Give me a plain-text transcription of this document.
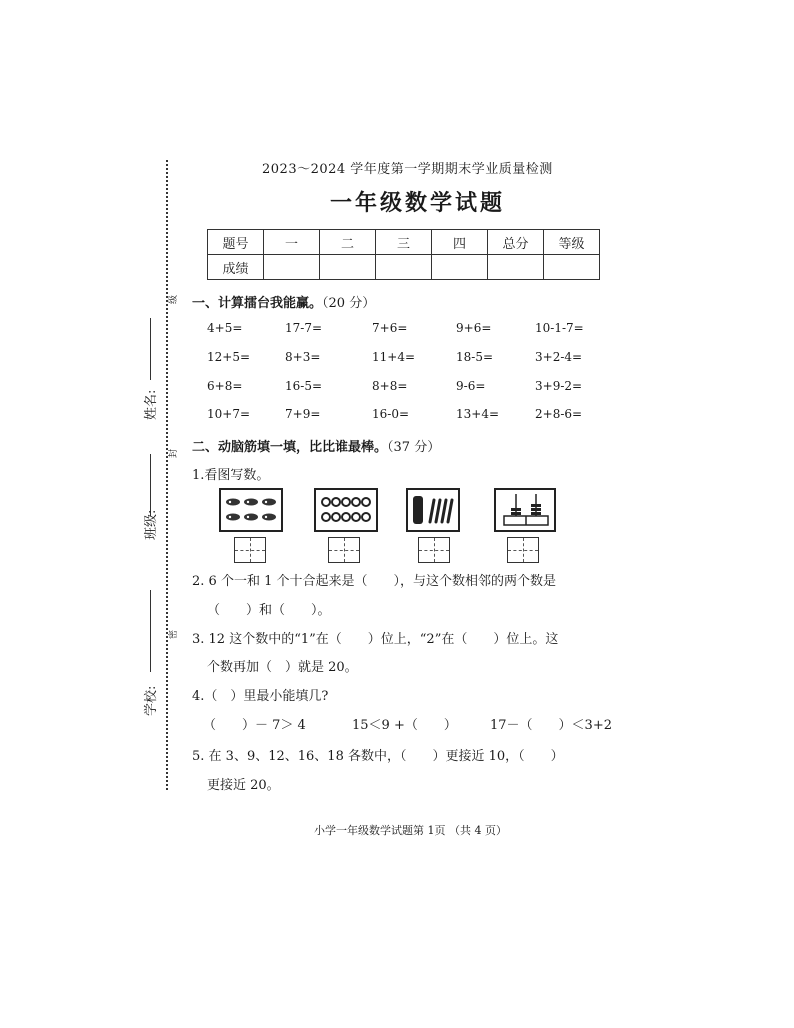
级
封
密
姓名:
班级:
学校:
2023～2024 学年度第一学期期末学业质量检测
一年级数学试题
题号	一	二	三	四	总分	等级
成绩						
一、计算擂台我能赢。（20 分）
4+5=	17-7=	7+6=	9+6=	10-1-7=
12+5=	8+3=	11+4=	18-5=	3+2-4=
6+8=	16-5=	8+8=	9-6=	3+9-2=
10+7=	7+9=	16-0=	13+4=	2+8-6=
二、动脑筋填一填，比比谁最棒。（37 分）
1.看图写数。
2. 6 个一和 1 个十合起来是（　　），与这个数相邻的两个数是
（　　）和（　　）。
3. 12 这个数中的“1”在（　　）位上，“2”在（　　）位上。这
个数再加（　）就是 20。
4.（　）里最小能填几?
（　　）－ 7＞ 4	15＜9 +（　　）	17－（　　）＜3+2
5. 在 3、9、12、16、18 各数中，（　　）更接近 10，（　　）
更接近 20。
小学一年级数学试题第 1页 （共 4 页）
